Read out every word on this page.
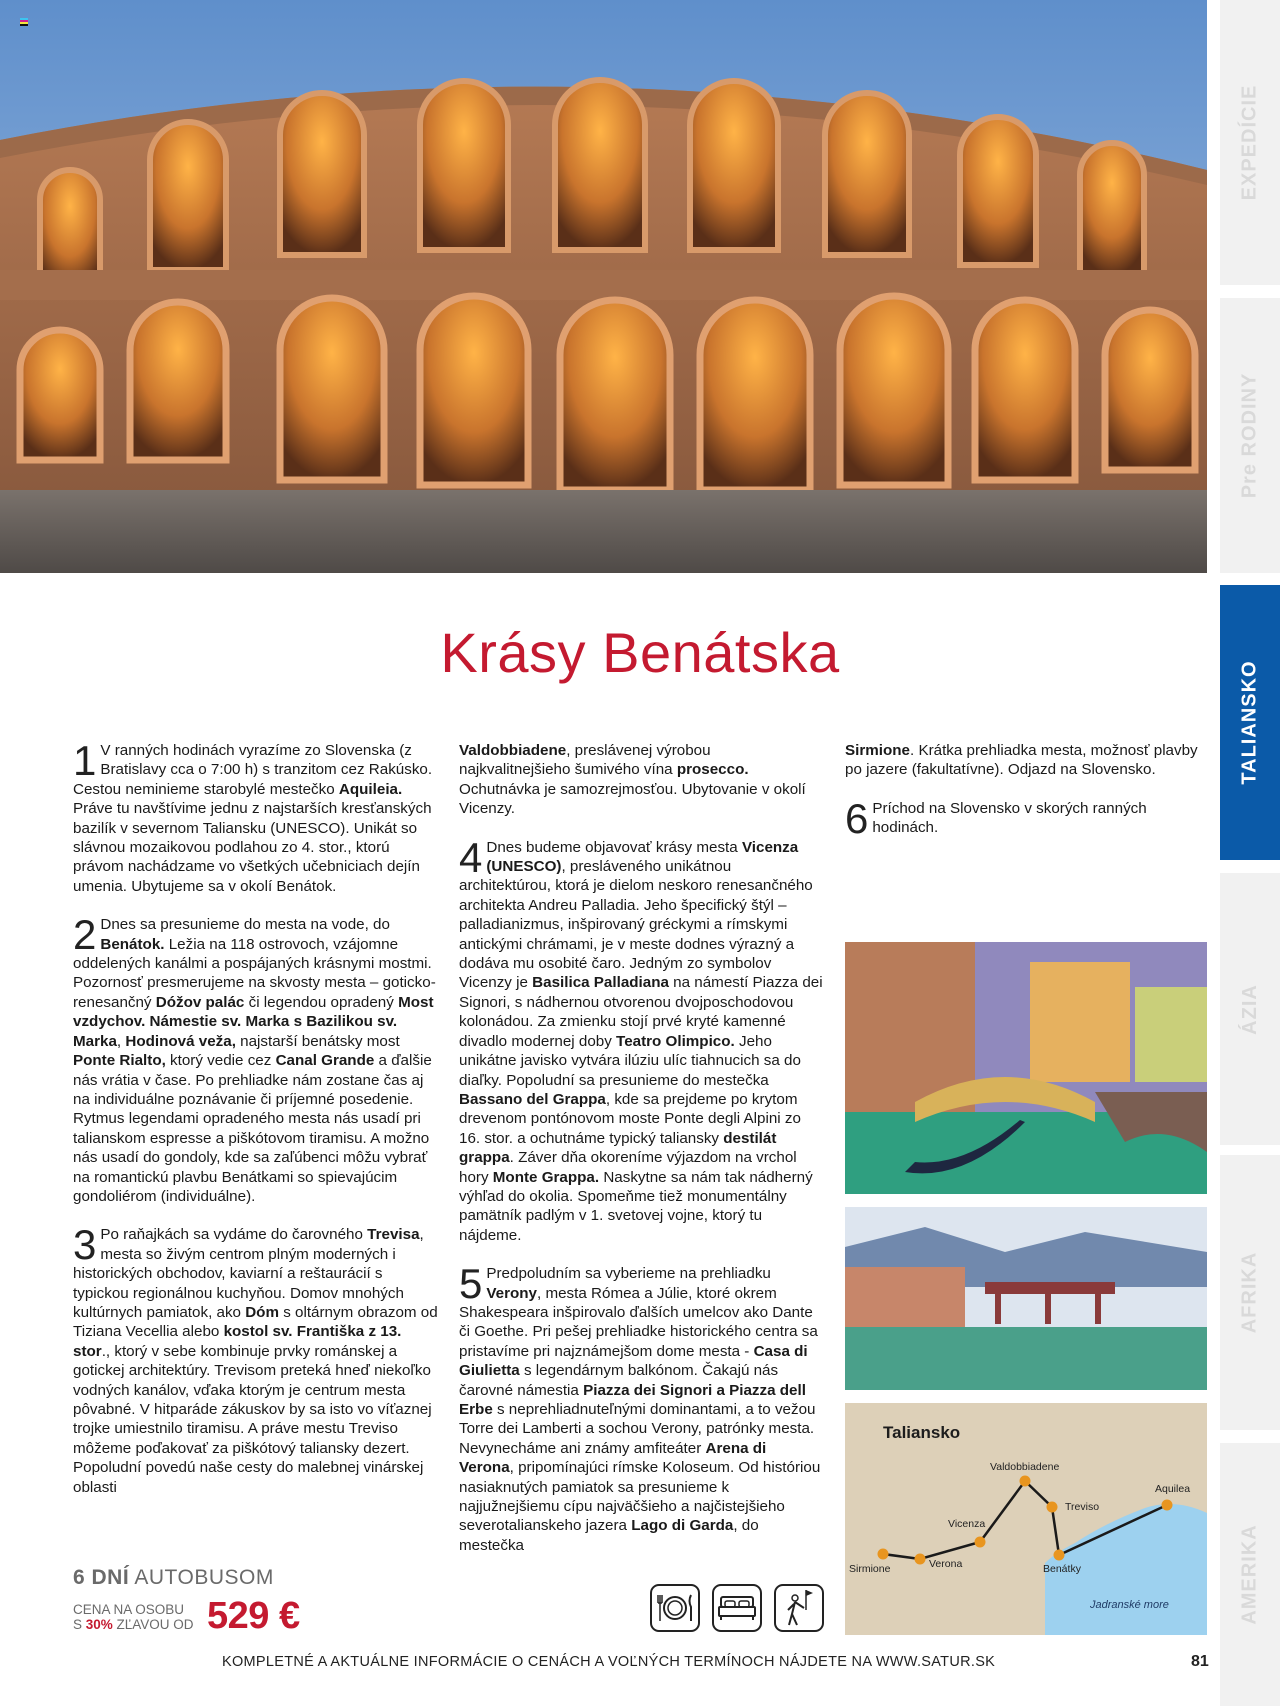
EXPEDÍCIE
Pre RODINY
TALIANSKO
ÁZIA
AFRIKA
AMERIKA
Krásy Benátska
1 V ranných hodinách vyrazíme zo Slovenska (z Bratislavy cca o 7:00 h) s tranzitom cez Rakúsko. Cestou neminieme starobylé mestečko Aquileia. Práve tu navštívime jednu z najstarších kresťanských bazilík v severnom Taliansku (UNESCO). Unikát so slávnou mozaikovou podlahou zo 4. stor., ktorú právom nachádzame vo všetkých učebniciach dejín umenia. Ubytujeme sa v okolí Benátok.
2 Dnes sa presunieme do mesta na vode, do Benátok. Ležia na 118 ostrovoch, vzájomne oddelených kanálmi a pospájaných krásnymi mostmi. Pozornosť presmerujeme na skvosty mesta – goticko-renesančný Dóžov palác či legendou opradený Most vzdychov. Námestie sv. Marka s Bazilikou sv. Marka, Hodinová veža, najstarší benátsky most Ponte Rialto, ktorý vedie cez Canal Grande a ďalšie nás vrátia v čase. Po prehliadke nám zostane čas aj na individuálne poznávanie či príjemné posedenie. Rytmus legendami opradeného mesta nás usadí pri talianskom espresse a piškótovom tiramisu. A možno nás usadí do gondoly, kde sa zaľúbenci môžu vybrať na romantickú plavbu Benátkami so spievajúcim gondoliérom (individuálne).
3 Po raňajkách sa vydáme do čarovného Trevisa, mesta so živým centrom plným moderných i historických obchodov, kaviarní a reštaurácií s typickou regionálnou kuchyňou. Domov mnohých kultúrnych pamiatok, ako Dóm s oltárnym obrazom od Tiziana Vecellia alebo kostol sv. Františka z 13. stor., ktorý v sebe kombinuje prvky románskej a gotickej architektúry. Trevisom preteká hneď niekoľko vodných kanálov, vďaka ktorým je centrum mesta pôvabné. V hitparáde zákuskov by sa isto vo víťaznej trojke umiestnilo tiramisu. A práve mestu Treviso môžeme poďakovať za piškótový taliansky dezert. Popoludní povedú naše cesty do malebnej vinárskej oblasti
Valdobbiadene, preslávenej výrobou najkvalitnejšieho šumivého vína prosecco. Ochutnávka je samozrejmosťou. Ubytovanie v okolí Vicenzy.
4 Dnes budeme objavovať krásy mesta Vicenza (UNESCO), presláveného unikátnou architektúrou, ktorá je dielom neskoro renesančného architekta Andreu Palladia. Jeho špecifický štýl – palladianizmus, inšpirovaný gréckymi a rímskymi antickými chrámami, je v meste dodnes výrazný a dodáva mu osobité čaro. Jedným zo symbolov Vicenzy je Basilica Palladiana na námestí Piazza dei Signori, s nádhernou otvorenou dvojposchodovou kolonádou. Za zmienku stojí prvé kryté kamenné divadlo modernej doby Teatro Olimpico. Jeho unikátne javisko vytvára ilúziu ulíc tiahnucich sa do diaľky. Popoludní sa presunieme do mestečka Bassano del Grappa, kde sa prejdeme po krytom drevenom pontónovom moste Ponte degli Alpini zo 16. stor. a ochutnáme typický taliansky destilát grappa. Záver dňa okoreníme výjazdom na vrchol hory Monte Grappa. Naskytne sa nám tak nádherný výhľad do okolia. Spomeňme tiež monumentálny pamätník padlým v 1. svetovej vojne, ktorý tu nájdeme.
5 Predpoludním sa vyberieme na prehliadku Verony, mesta Rómea a Júlie, ktoré okrem Shakespeara inšpirovalo ďalších umelcov ako Dante či Goethe. Pri pešej prehliadke historického centra sa pristavíme pri najznámejšom dome mesta - Casa di Giulietta s legendárnym balkónom. Čakajú nás čarovné námestia Piazza dei Signori a Piazza dell Erbe s neprehliadnuteľnými dominantami, a to vežou Torre dei Lamberti a sochou Verony, patrónky mesta. Nevynecháme ani známy amfiteáter Arena di Verona, pripomínajúci rímske Koloseum. Od históriou nasiaknutých pamiatok sa presunieme k najjužnejšiemu cípu najväčšieho a najčistejšieho severotalianskeho jazera Lago di Garda, do mestečka
Sirmione. Krátka prehliadka mesta, možnosť plavby po jazere (fakultatívne). Odjazd na Slovensko.
6 Príchod na Slovensko v skorých ranných hodinách.
Taliansko
Sirmione	Verona
Vicenza
Valdobbiadene
Treviso
Benátky
Aquilea
Jadranské more
6 DNÍ AUTOBUSOM
CENA NA OSOBU
S 30% ZĽAVOU OD 529 €
KOMPLETNÉ A AKTUÁLNE INFORMÁCIE O CENÁCH A VOĽNÝCH TERMÍNOCH NÁJDETE NA WWW.SATUR.SK	81
